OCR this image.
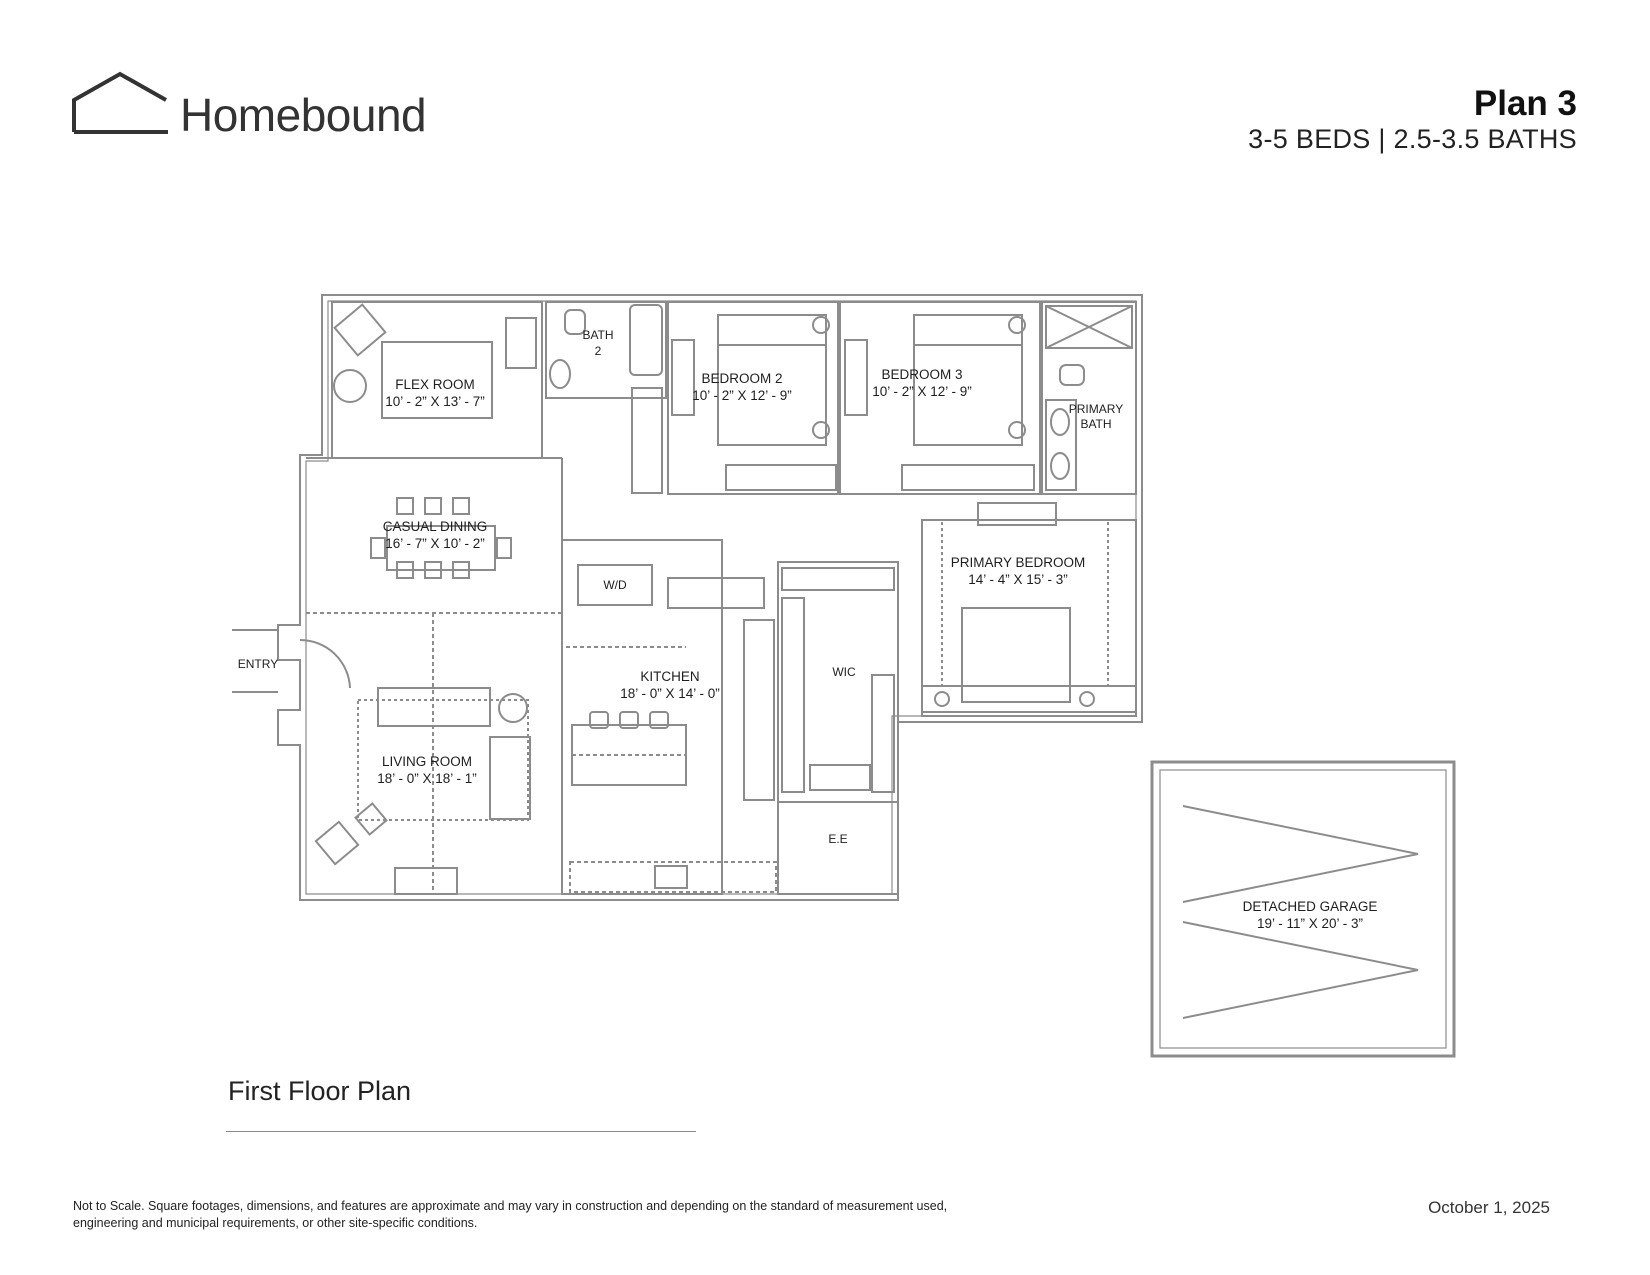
Homebound	Plan 3
3-5 BEDS | 2.5-3.5 BATHS
FLEX ROOM
10’ - 2” X 13’ - 7”
BATH
2
BEDROOM 2
10’ - 2” X 12’ - 9”
BEDROOM 3
10’ - 2” X 12’ - 9”
PRIMARY
BATH
CASUAL DINING
16’ - 7” X 10’ - 2”
W/D
PRIMARY BEDROOM
14’ - 4” X 15’ - 3”
ENTRY
KITCHEN
18’ - 0” X 14’ - 0”
WIC
LIVING ROOM
18’ - 0” X 18’ - 1”
E.E
DETACHED GARAGE
19’ - 11” X 20’ - 3”
First Floor Plan
Not to Scale. Square footages, dimensions, and features are approximate and may vary in construction and depending on the standard of measurement used,
engineering and municipal requirements, or other site-specific conditions.
October 1, 2025
